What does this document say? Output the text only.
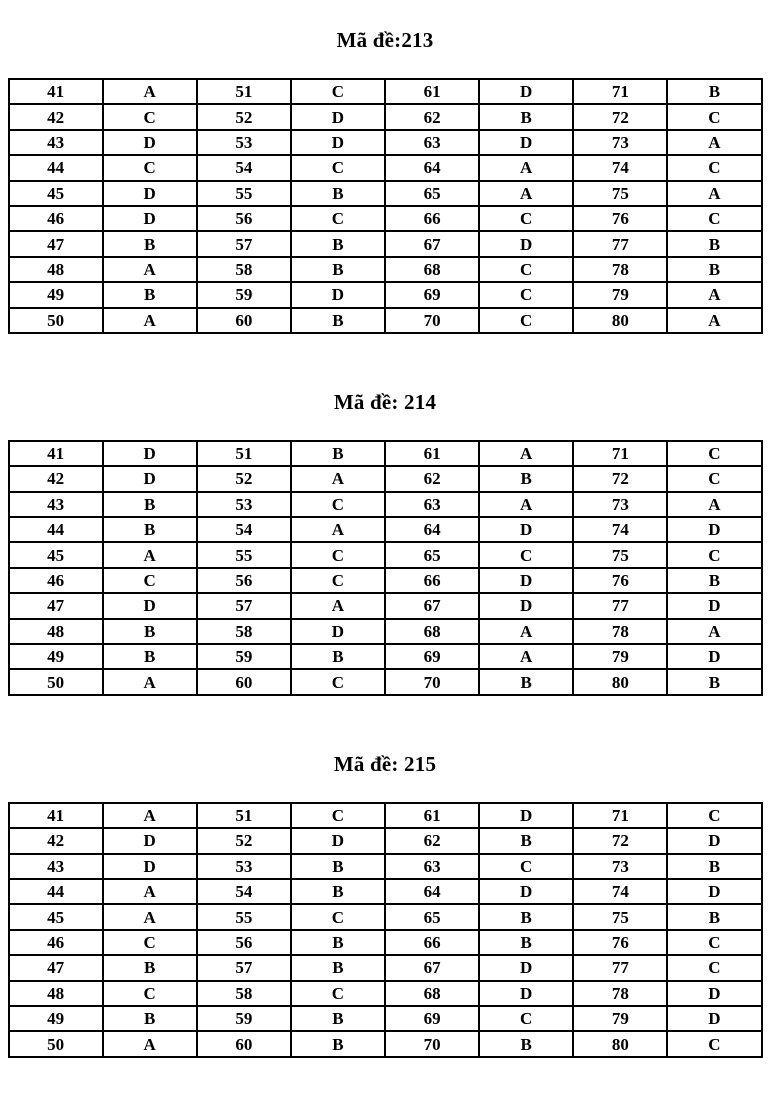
Mã đề:213
41	A	51	C	61	D	71	B
42	C	52	D	62	B	72	C
43	D	53	D	63	D	73	A
44	C	54	C	64	A	74	C
45	D	55	B	65	A	75	A
46	D	56	C	66	C	76	C
47	B	57	B	67	D	77	B
48	A	58	B	68	C	78	B
49	B	59	D	69	C	79	A
50	A	60	B	70	C	80	A
Mã đề: 214
41	D	51	B	61	A	71	C
42	D	52	A	62	B	72	C
43	B	53	C	63	A	73	A
44	B	54	A	64	D	74	D
45	A	55	C	65	C	75	C
46	C	56	C	66	D	76	B
47	D	57	A	67	D	77	D
48	B	58	D	68	A	78	A
49	B	59	B	69	A	79	D
50	A	60	C	70	B	80	B
Mã đề: 215
41	A	51	C	61	D	71	C
42	D	52	D	62	B	72	D
43	D	53	B	63	C	73	B
44	A	54	B	64	D	74	D
45	A	55	C	65	B	75	B
46	C	56	B	66	B	76	C
47	B	57	B	67	D	77	C
48	C	58	C	68	D	78	D
49	B	59	B	69	C	79	D
50	A	60	B	70	B	80	C
